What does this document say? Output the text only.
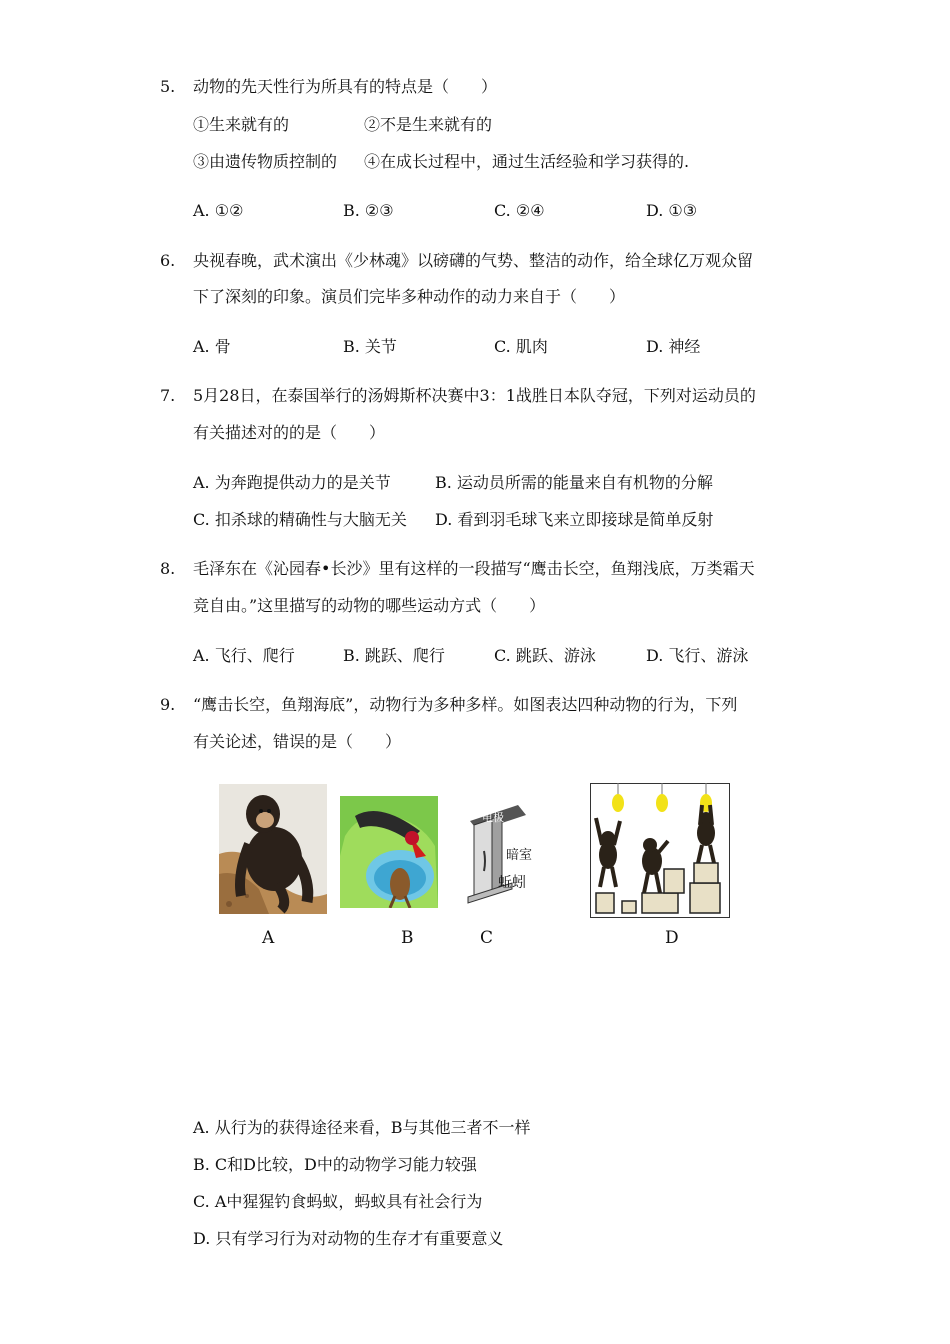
5. 动物的先天性行为所具有的特点是（　　）
①生来就有的	②不是生来就有的
③由遗传物质控制的 ④在成长过程中，通过生活经验和学习获得的.
A. ①②	B. ②③	C. ②④	D. ①③
6. 央视春晚，武术演出《少林魂》以磅礴的气势、整洁的动作，给全球亿万观众留
下了深刻的印象。演员们完毕多种动作的动力来自于（　　）
A. 骨	B. 关节	C. 肌肉	D. 神经
7. 5月28日，在泰国举行的汤姆斯杯决赛中3：1战胜日本队夺冠，下列对运动员的
有关描述对的的是（　　）
A. 为奔跑提供动力的是关节	B. 运动员所需的能量来自有机物的分解
C. 扣杀球的精确性与大脑无关 D. 看到羽毛球飞来立即接球是简单反射
8. 毛泽东在《沁园春•长沙》里有这样的一段描写“鹰击长空，鱼翔浅底，万类霜天
竞自由。”这里描写的动物的哪些运动方式（　　）
A. 飞行、爬行	B. 跳跃、爬行	C. 跳跃、游泳	D. 飞行、游泳
9. “鹰击长空，鱼翔海底”，动物行为多种多样。如图表达四种动物的行为，下列
有关论述，错误的是（　　）
食物
电极
暗室
蚯蚓
A	B	C	D
A. 从行为的获得途径来看，B与其他三者不一样
B. C和D比较，D中的动物学习能力较强
C. A中猩猩钓食蚂蚁，蚂蚁具有社会行为
D. 只有学习行为对动物的生存才有重要意义
